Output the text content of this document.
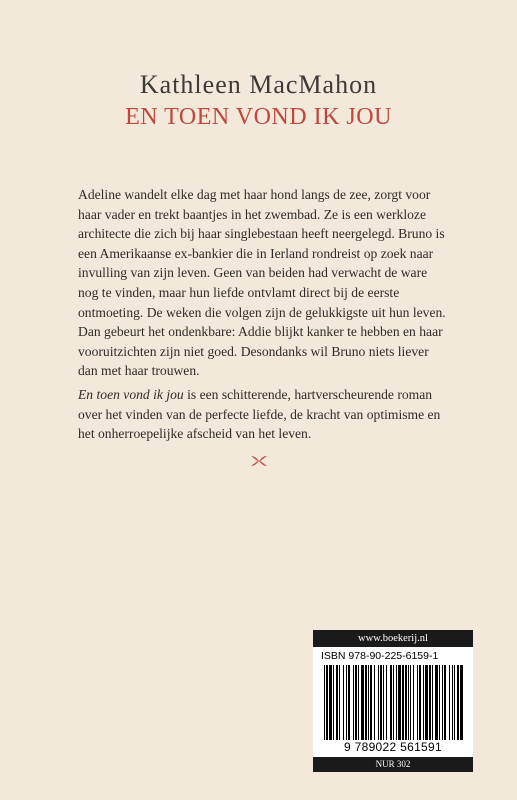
Kathleen MacMahon
EN TOEN VOND IK JOU

Adeline wandelt elke dag met haar hond langs de zee, zorgt voor haar vader en trekt baantjes in het zwembad. Ze is een werkloze architecte die zich bij haar singlebestaan heeft neergelegd. Bruno is een Amerikaanse ex-bankier die in Ierland rondreist op zoek naar invulling van zijn leven. Geen van beiden had verwacht de ware nog te vinden, maar hun liefde ontvlamt direct bij de eerste ontmoeting. De weken die volgen zijn de gelukkigste uit hun leven. Dan gebeurt het ondenkbare: Addie blijkt kanker te hebben en haar vooruitzichten zijn niet goed. Desondanks wil Bruno niets liever dan met haar trouwen.

En toen vond ik jou is een schitterende, hartverscheurende roman over het vinden van de perfecte liefde, de kracht van optimisme en het onherroepelijke afscheid van het leven.

www.boekerij.nl
ISBN 978-90-225-6159-1
9 789022 561591
NUR 302
